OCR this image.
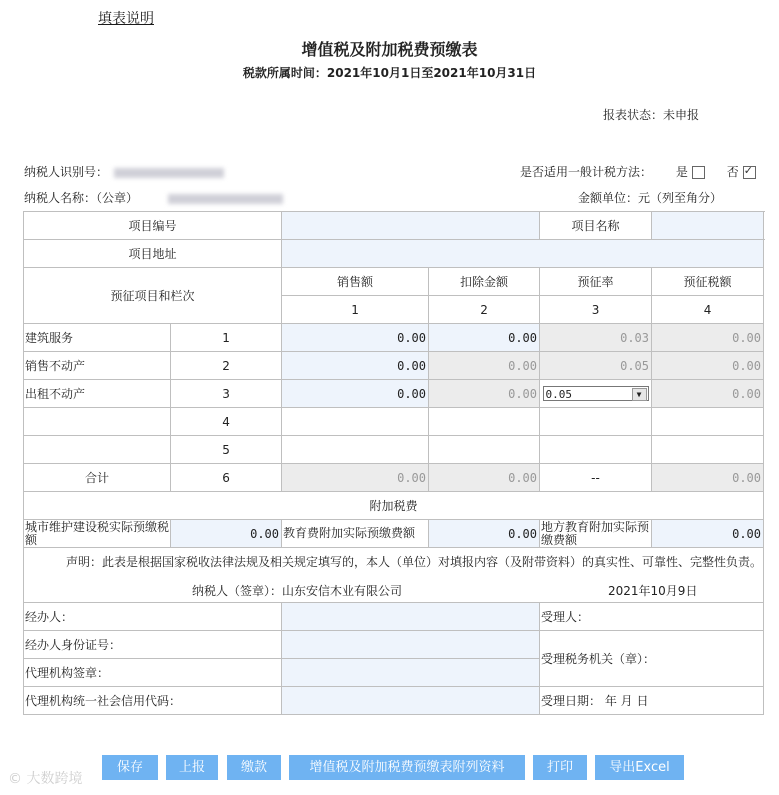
填表说明
增值税及附加税费预缴表
税款所属时间：2021年10月1日至2021年10月31日
报表状态：未申报
纳税人识别号：
纳税人名称：（公章）
是否适用一般计税方法： 是	否✓
金额单位：元（列至角分）
项目编号				项目名称	
项目地址					
预征项目和栏次		销售额	扣除金额	预征率	预征税额
		1	2	3	4
建筑服务	1	0.00	0.00	0.03	0.00
销售不动产	2	0.00	0.00	0.05	0.00
出租不动产	3	0.00	0.00	0.05 ▼	0.00
	4				
	5				
合计	6	0.00	0.00	--	0.00
附加税费					
城市维护建设税实际预缴税额	0.00	教育费附加实际预缴费额	0.00	地方教育附加实际预缴费额	0.00
声明：此表是根据国家税收法律法规及相关规定填写的，本人（单位）对填报内容（及附带资料）的真实性、可靠性、完整性负责。					

纳税人（签章）：山东安信木业有限公司 2021年10月9日					

经办人：				受理人：	
经办人身份证号：				受理税务机关（章）：	
代理机构签章：					
代理机构统一社会信用代码：				受理日期： 年 月 日	
保存	上报	缴款	增值税及附加税费预缴表附列资料	打印	导出Excel
© 大数跨境
